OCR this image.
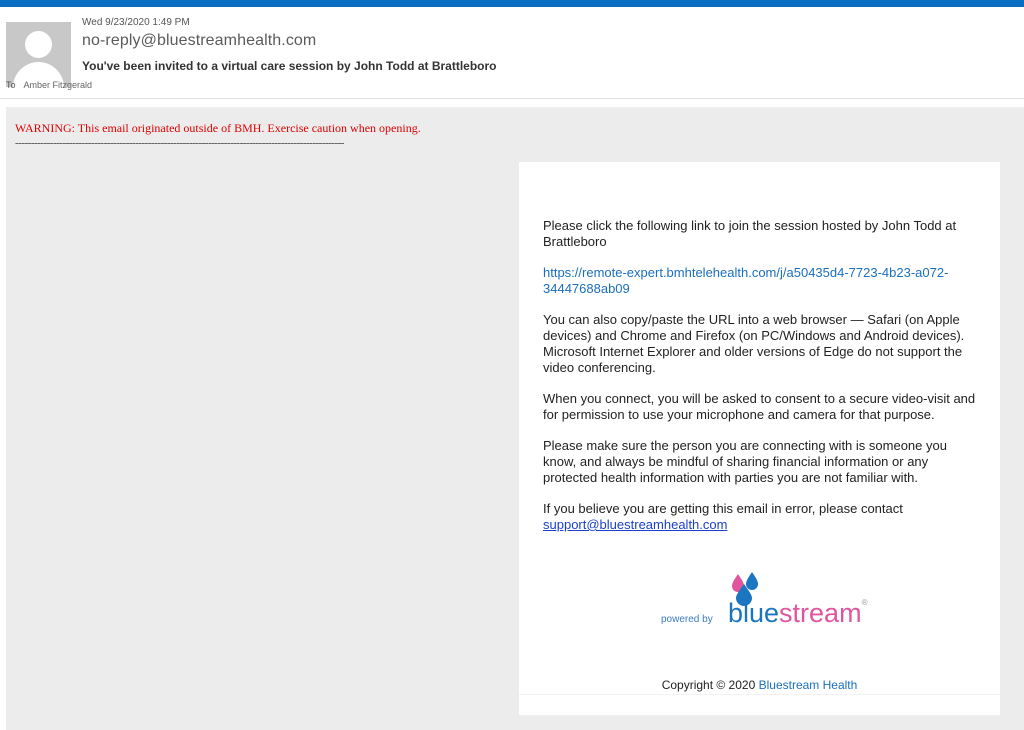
Wed 9/23/2020 1:49 PM
no-reply@bluestreamhealth.com
You've been invited to a virtual care session by John Todd at Brattleboro
To Amber Fitzgerald
WARNING: This email originated outside of BMH. Exercise caution when opening.
--------------------------------------------------------------------------------------------------------

Please click the following link to join the session hosted by John Todd at Brattleboro

https://remote-expert.bmhtelehealth.com/j/a50435d4-7723-4b23-a072-34447688ab09

You can also copy/paste the URL into a web browser — Safari (on Apple devices) and Chrome and Firefox (on PC/Windows and Android devices). Microsoft Internet Explorer and older versions of Edge do not support the video conferencing.

When you connect, you will be asked to consent to a secure video-visit and for permission to use your microphone and camera for that purpose.

Please make sure the person you are connecting with is someone you know, and always be mindful of sharing financial information or any protected health information with parties you are not familiar with.

If you believe you are getting this email in error, please contact
support@bluestreamhealth.com

powered by bluestream®
Copyright © 2020 Bluestream Health
